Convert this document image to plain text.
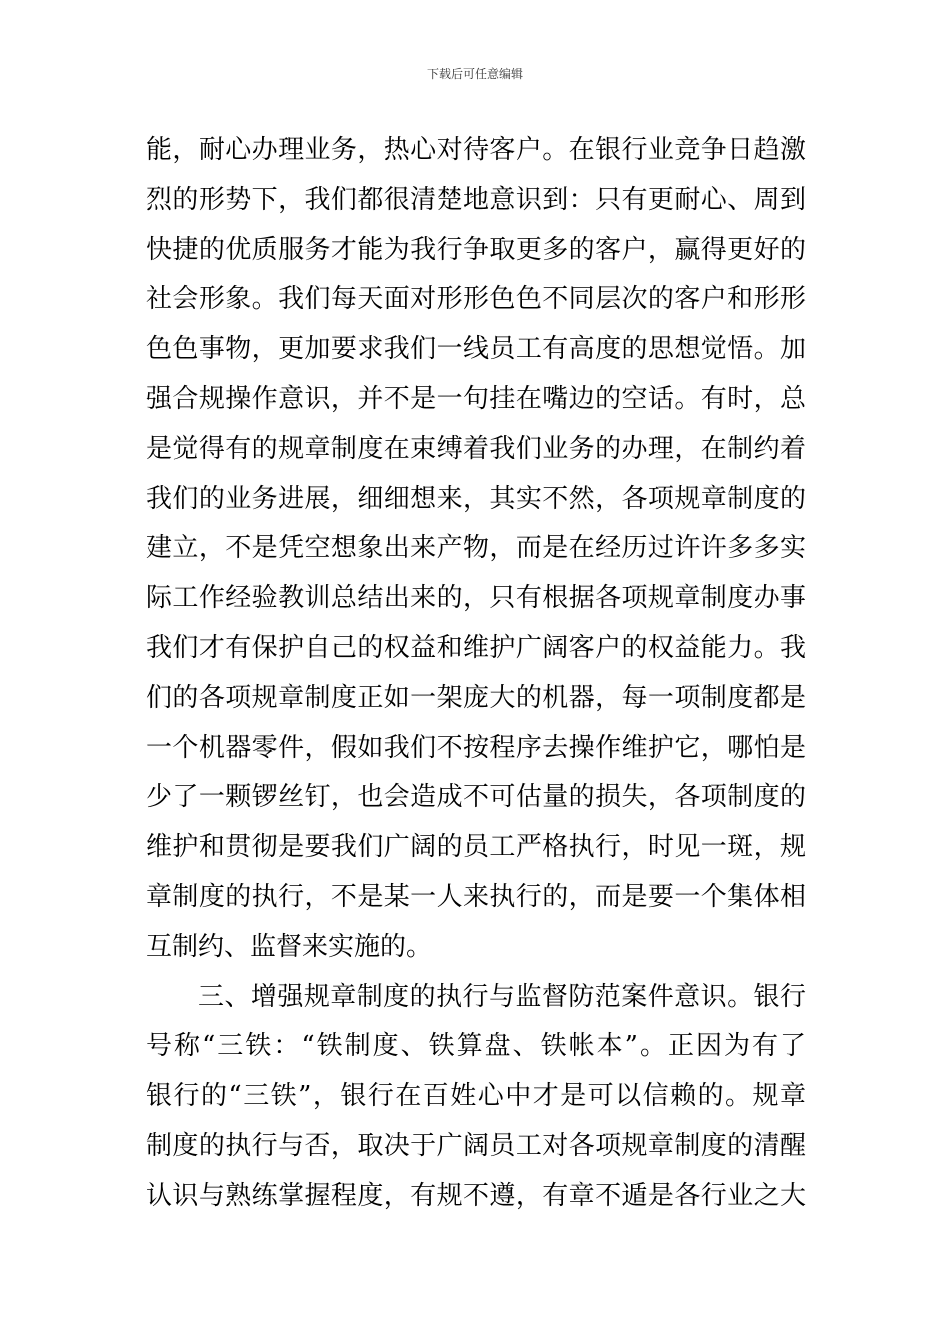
下载后可任意编辑
能，耐心办理业务，热心对待客户。在银行业竞争日趋激
烈的形势下，我们都很清楚地意识到：只有更耐心、周到
快捷的优质服务才能为我行争取更多的客户，赢得更好的
社会形象。我们每天面对形形色色不同层次的客户和形形
色色事物，更加要求我们一线员工有高度的思想觉悟。加
强合规操作意识，并不是一句挂在嘴边的空话。有时，总
是觉得有的规章制度在束缚着我们业务的办理，在制约着
我们的业务进展，细细想来，其实不然，各项规章制度的
建立，不是凭空想象出来产物，而是在经历过许许多多实
际工作经验教训总结出来的，只有根据各项规章制度办事
我们才有保护自己的权益和维护广阔客户的权益能力。我
们的各项规章制度正如一架庞大的机器，每一项制度都是
一个机器零件，假如我们不按程序去操作维护它，哪怕是
少了一颗锣丝钉，也会造成不可估量的损失，各项制度的
维护和贯彻是要我们广阔的员工严格执行，时见一斑，规
章制度的执行，不是某一人来执行的，而是要一个集体相
互制约、监督来实施的。
三、增强规章制度的执行与监督防范案件意识。银行
号称“三铁：“铁制度、铁算盘、铁帐本”。正因为有了
银行的“三铁”，银行在百姓心中才是可以信赖的。规章
制度的执行与否，取决于广阔员工对各项规章制度的清醒
认识与熟练掌握程度，有规不遵，有章不遁是各行业之大
